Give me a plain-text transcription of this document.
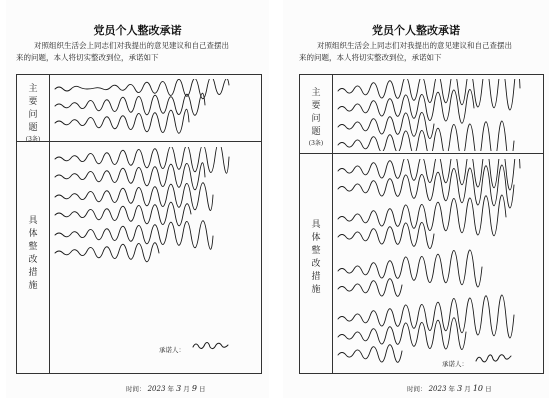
党员个人整改承诺
对照组织生活会上同志们对我提出的意见建议和自己查摆出
来的问题，本人将切实整改到位，承诺如下
主
要
问
题
(3条)
具
体
整
改
措
施
承诺人：
时间： 2023 年 3 月 9 日
党员个人整改承诺
对照组织生活会上同志们对我提出的意见建议和自己查摆出
来的问题，本人将切实整改到位，承诺如下
主
要
问
题
(3条)
具
体
整
改
措
施
承诺人：
时间： 2023 年 3 月 10 日
